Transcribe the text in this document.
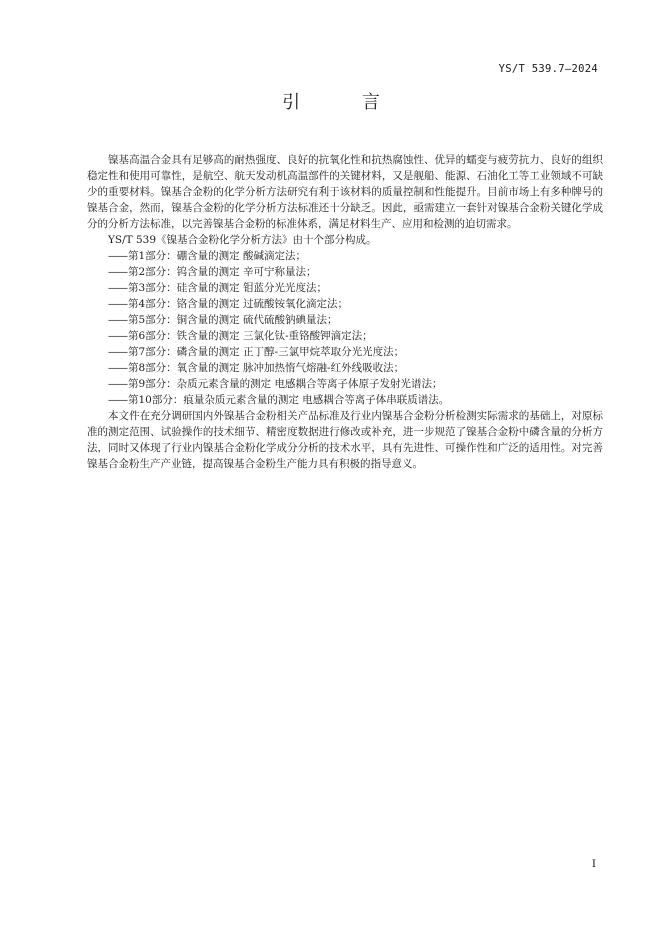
YS/T 539.7—2024
引 言

镍基高温合金具有足够高的耐热强度、良好的抗氧化性和抗热腐蚀性、优异的蠕变与疲劳抗力、良好的组织稳定性和使用可靠性，是航空、航天发动机高温部件的关键材料，又是舰船、能源、石油化工等工业领域不可缺少的重要材料。镍基合金粉的化学分析方法研究有利于该材料的质量控制和性能提升。目前市场上有多种牌号的镍基合金，然而，镍基合金粉的化学分析方法标准还十分缺乏。因此，亟需建立一套针对镍基合金粉关键化学成分的分析方法标准，以完善镍基合金粉的标准体系，满足材料生产、应用和检测的迫切需求。

YS/T 539《镍基合金粉化学分析方法》由十个部分构成。

——第1部分：硼含量的测定 酸碱滴定法；
——第2部分：钨含量的测定 辛可宁称量法；
——第3部分：硅含量的测定 钼蓝分光光度法；
——第4部分：铬含量的测定 过硫酸铵氧化滴定法；
——第5部分：铜含量的测定 硫代硫酸钠碘量法；
——第6部分：铁含量的测定 三氯化钛-重铬酸钾滴定法；
——第7部分：磷含量的测定 正丁醇-三氯甲烷萃取分光光度法；
——第8部分：氧含量的测定 脉冲加热惰气熔融-红外线吸收法；
——第9部分：杂质元素含量的测定 电感耦合等离子体原子发射光谱法；
——第10部分：痕量杂质元素含量的测定 电感耦合等离子体串联质谱法。

本文件在充分调研国内外镍基合金粉相关产品标准及行业内镍基合金粉分析检测实际需求的基础上，对原标准的测定范围、试验操作的技术细节、精密度数据进行修改或补充，进一步规范了镍基合金粉中磷含量的分析方法，同时又体现了行业内镍基合金粉化学成分分析的技术水平，具有先进性、可操作性和广泛的适用性。对完善镍基合金粉生产产业链，提高镍基合金粉生产能力具有积极的指导意义。

I
